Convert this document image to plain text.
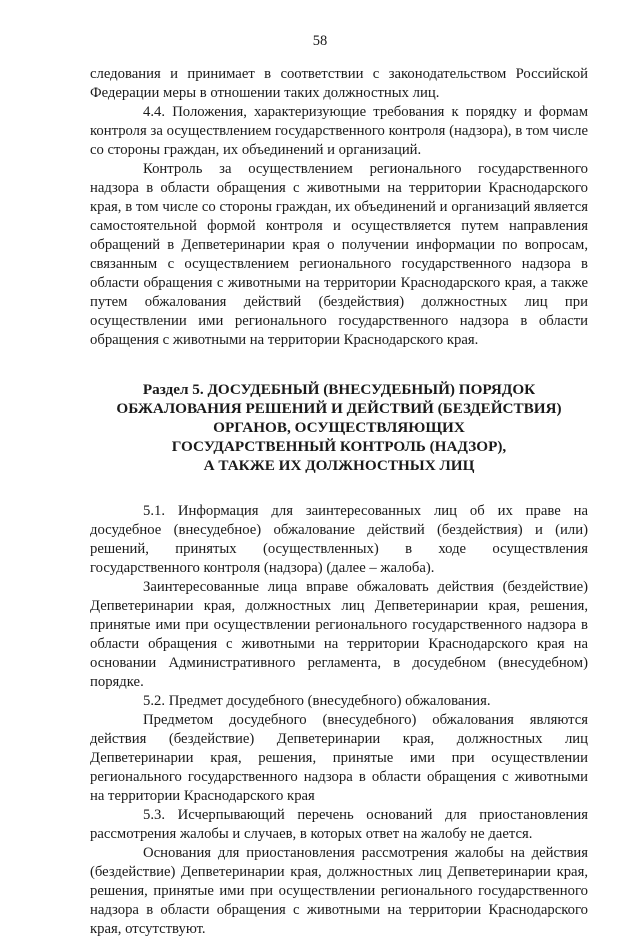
58

следования и принимает в соответствии с законодательством Российской Федерации меры в отношении таких должностных лиц.

4.4. Положения, характеризующие требования к порядку и формам контроля за осуществлением государственного контроля (надзора), в том числе со стороны граждан, их объединений и организаций.

Контроль за осуществлением регионального государственного надзора в области обращения с животными на территории Краснодарского края, в том числе со стороны граждан, их объединений и организаций является самостоятельной формой контроля и осуществляется путем направления обращений в Депветеринарии края о получении информации по вопросам, связанным с осуществлением регионального государственного надзора в области обращения с животными на территории Краснодарского края, а также путем обжалования действий (бездействия) должностных лиц при осуществлении ими регионального государственного надзора в области обращения с животными на территории Краснодарского края.

Раздел 5. ДОСУДЕБНЫЙ (ВНЕСУДЕБНЫЙ) ПОРЯДОК
ОБЖАЛОВАНИЯ РЕШЕНИЙ И ДЕЙСТВИЙ (БЕЗДЕЙСТВИЯ)
ОРГАНОВ, ОСУЩЕСТВЛЯЮЩИХ
ГОСУДАРСТВЕННЫЙ КОНТРОЛЬ (НАДЗОР),
А ТАКЖЕ ИХ ДОЛЖНОСТНЫХ ЛИЦ

5.1. Информация для заинтересованных лиц об их праве на досудебное (внесудебное) обжалование действий (бездействия) и (или) решений, принятых (осуществленных) в ходе осуществления государственного контроля (надзора) (далее – жалоба).

Заинтересованные лица вправе обжаловать действия (бездействие) Депветеринарии края, должностных лиц Депветеринарии края, решения, принятые ими при осуществлении регионального государственного надзора в области обращения с животными на территории Краснодарского края на основании Административного регламента, в досудебном (внесудебном) порядке.

5.2. Предмет досудебного (внесудебного) обжалования.

Предметом досудебного (внесудебного) обжалования являются действия (бездействие) Депветеринарии края, должностных лиц Депветеринарии края, решения, принятые ими при осуществлении регионального государственного надзора в области обращения с животными на территории Краснодарского края

5.3. Исчерпывающий перечень оснований для приостановления рассмотрения жалобы и случаев, в которых ответ на жалобу не дается.

Основания для приостановления рассмотрения жалобы на действия (бездействие) Депветеринарии края, должностных лиц Депветеринарии края, решения, принятые ими при осуществлении регионального государственного надзора в области обращения с животными на территории Краснодарского края, отсутствуют.
